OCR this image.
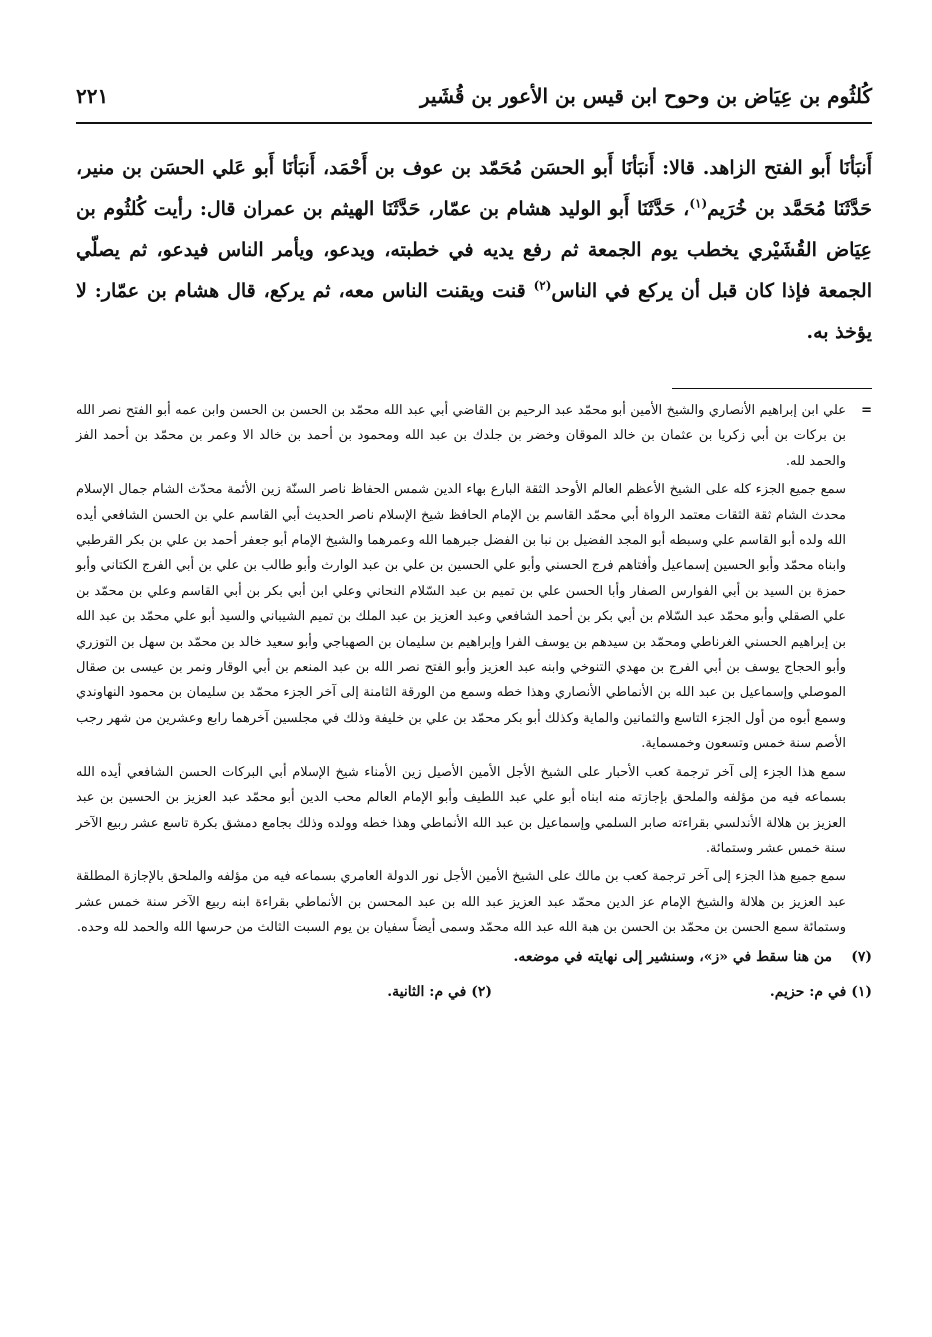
كُلثُوم بن عِيَاض بن وحوح ابن قيس بن الأعور بن قُشَير
٢٢١
أَنبَأنَا أَبو الفتح الزاهد. قالا: أَنبَأنَا أَبو الحسَن مُحَمّد بن عوف بن أَحْمَد، أَنبَأنَا أَبو عَلي الحسَن بن منير، حَدَّثَنَا مُحَمَّد بن خُرَيم$^{(١)}$، حَدَّثَنَا أَبو الوليد هشام بن عمّار، حَدَّثَنَا الهيثم بن عمران قال: رأيت كُلثُوم بن عِيَاض القُشَيْري يخطب يوم الجمعة ثم رفع يديه في خطبته، ويدعو، ويأمر الناس فيدعو، ثم يصلّي الجمعة فإذا كان قبل أن يركع في الناس$^{(٢)}$ قنت ويقنت الناس معه، ثم يركع، قال هشام بن عمّار: لا يؤخذ به.
=

علي ابن إبراهيم الأنصاري والشيخ الأمين أبو محمّد عبد الرحيم بن القاضي أبي عبد الله محمّد بن الحسن بن الحسن وابن عمه أبو الفتح نصر الله بن بركات بن أبي زكريا بن عثمان بن خالد الموقان وخضر بن جلدك بن عبد الله ومحمود بن أحمد بن خالد الا وعمر بن محمّد بن أحمد الفز والحمد لله.

سمع جميع الجزء كله على الشيخ الأعظم العالم الأوحد الثقة البارع بهاء الدين شمس الحفاظ ناصر السنّة زين الأئمة محدّث الشام جمال الإسلام محدث الشام ثقة الثقات معتمد الرواة أبي محمّد القاسم بن الإمام الحافظ شيخ الإسلام ناصر الحديث أبي القاسم علي بن الحسن الشافعي أيده الله ولده أبو القاسم علي وسبطه أبو المجد الفضيل بن نبا بن الفضل جبرهما الله وعمرهما والشيخ الإمام أبو جعفر أحمد بن علي بن بكر القرطبي وابناه محمّد وأبو الحسين إسماعيل وأفتاهم فرج الحسني وأبو علي الحسين بن علي بن عبد الوارث وأبو طالب بن علي بن أبي الفرج الكتاني وأبو حمزة بن السيد بن أبي الفوارس الصفار وأبا الحسن علي بن تميم بن عبد السّلام النحاني وعلي ابن أبي بكر بن أبي القاسم وعلي بن محمّد بن علي الصقلي وأبو محمّد عبد السّلام بن أبي بكر بن أحمد الشافعي وعبد العزيز بن عبد الملك بن تميم الشيباني والسيد أبو علي محمّد بن عبد الله بن إبراهيم الحسني الغرناطي ومحمّد بن سيدهم بن يوسف الفرا وإبراهيم بن سليمان بن الصهباجي وأبو سعيد خالد بن محمّد بن سهل بن التوزري وأبو الحجاج يوسف بن أبي الفرج بن مهدي التنوخي وابنه عبد العزيز وأبو الفتح نصر الله بن عبد المنعم بن أبي الوقار ونمر بن عيسى بن صقال الموصلي وإسماعيل بن عبد الله بن الأنماطي الأنصاري وهذا خطه وسمع من الورقة الثامنة إلى آخر الجزء محمّد بن سليمان بن محمود النهاوندي وسمع أبوه من أول الجزء التاسع والثمانين والماية وكذلك أبو بكر محمّد بن علي بن خليفة وذلك في مجلسين آخرهما رابع وعشرين من شهر رجب الأصم سنة خمس وتسعون وخمسماية.

سمع هذا الجزء إلى آخر ترجمة كعب الأحبار على الشيخ الأجل الأمين الأصيل زين الأمناء شيخ الإسلام أبي البركات الحسن الشافعي أيده الله بسماعه فيه من مؤلفه والملحق بإجازته منه ابناه أبو علي عبد اللطيف وأبو الإمام العالم محب الدين أبو محمّد عبد العزيز بن الحسين بن عبد العزيز بن هلالة الأندلسي بقراءته صابر السلمي وإسماعيل بن عبد الله الأنماطي وهذا خطه وولده وذلك بجامع دمشق بكرة تاسع عشر ربيع الآخر سنة خمس عشر وستمائة.

سمع جميع هذا الجزء إلى آخر ترجمة كعب بن مالك على الشيخ الأمين الأجل نور الدولة العامري بسماعه فيه من مؤلفه والملحق بالإجازة المطلقة عبد العزيز بن هلالة والشيخ الإمام عز الدين محمّد عبد العزيز عبد الله بن عبد المحسن بن الأنماطي بقراءة ابنه ربيع الآخر سنة خمس عشر وستمائة سمع الحسن بن محمّد بن الحسن بن هبة الله عبد الله محمّد وسمى أيضاً سفيان بن يوم السبت الثالث من حرسها الله والحمد لله وحده.

(٧)
من هنا سقط في «ز»، وسنشير إلى نهايته في موضعه.
(١) في م: حزيم.
(٢) في م: الثانية.
